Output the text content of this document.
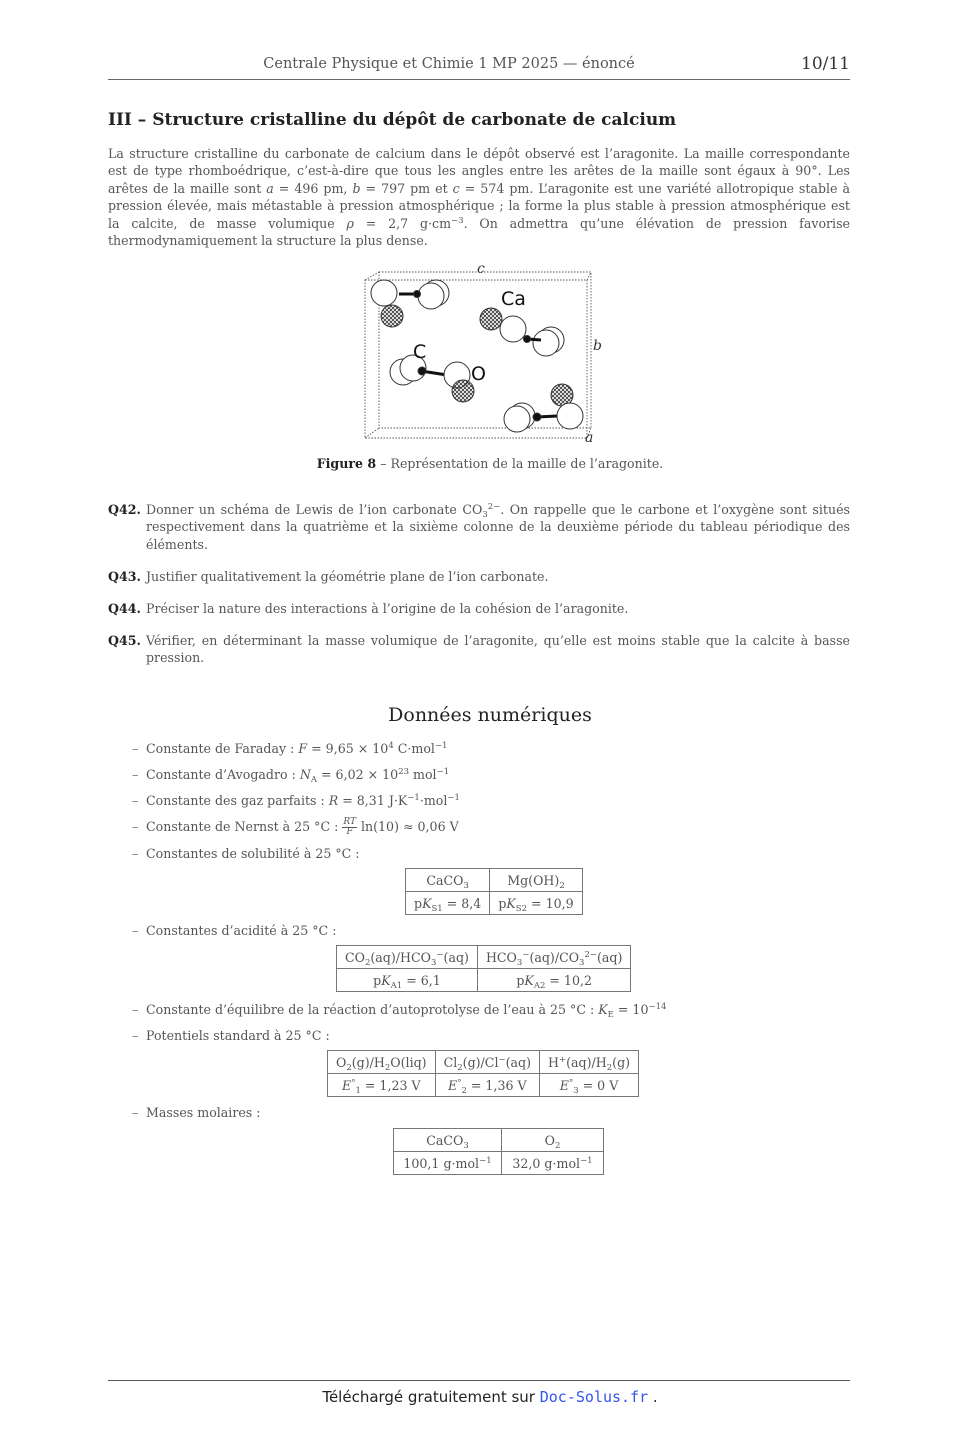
Centrale Physique et Chimie 1 MP 2025 — énoncé	10/11
III – Structure cristalline du dépôt de carbonate de calcium
La structure cristalline du carbonate de calcium dans le dépôt observé est l’aragonite. La maille correspondante est de type rhomboédrique, c’est-à-dire que tous les angles entre les arêtes de la maille sont égaux à 90°. Les arêtes de la maille sont a = 496 pm, b = 797 pm et c = 574 pm. L’aragonite est une variété allotropique stable à pression élevée, mais métastable à pression atmosphérique ; la forme la plus stable à pression atmosphérique est la calcite, de masse volumique ρ = 2,7 $g\cdot cm^{-3}$. On admettra qu’une élévation de pression favorise thermodynamiquement la structure la plus dense.
c
b
a
Ca
C
O
Figure 8 – Représentation de la maille de l’aragonite.
Q42. Donner un schéma de Lewis de l’ion carbonate $CO_3^{2-}$. On rappelle que le carbone et l’oxygène sont situés respectivement dans la quatrième et la sixième colonne de la deuxième période du tableau périodique des éléments.
Q43. Justifier qualitativement la géométrie plane de l’ion carbonate.
Q44. Préciser la nature des interactions à l’origine de la cohésion de l’aragonite.
Q45. Vérifier, en déterminant la masse volumique de l’aragonite, qu’elle est moins stable que la calcite à basse pression.
Données numériques
– Constante de Faraday : $F = 9,65 \times 10^4$ C·mol$^{-1}$
– Constante d’Avogadro : $N_A = 6,02 \times 10^{23}$ mol$^{-1}$
– Constante des gaz parfaits : R = 8,31 $J\cdot K^{-1}\cdot mol^{-1}$
– Constante de Nernst à 25 °C : $\frac{RT}{F} \ln(10) \approx 0,06$ V
– Constantes de solubilité à 25 °C :
CaCO$_3$	$Mg(OH)_2$
$pK_{S1} = 8,4$	$pK_{S2} = 10,9$
– Constantes d’acidité à 25 °C :
$CO_2(aq)/HCO_3^-(aq)$	$HCO_3^-(aq)/CO_3^{2-}(aq)$
$pK_{A1} = 6,1$	$pK_{A2} = 10,2$
– Constante d’équilibre de la réaction d’autoprotolyse de l’eau à 25 °C : $K_E = 10^{-14}$
– Potentiels standard à 25 °C :
$O_2(g)/H_2O(liq)$	$Cl_2(g)/Cl^-(aq)$	$H^+(aq)/H_2(g)$
$E^\circ_1 = 1,23$ V	$E^\circ_2 = 1,36$ V	$E^\circ_3 = 0$ V
– Masses molaires :
CaCO$_3$	$O_2$
100,1 g·mol$^{-1}$	32,0 g·mol$^{-1}$
Téléchargé gratuitement sur Doc-Solus.fr .
